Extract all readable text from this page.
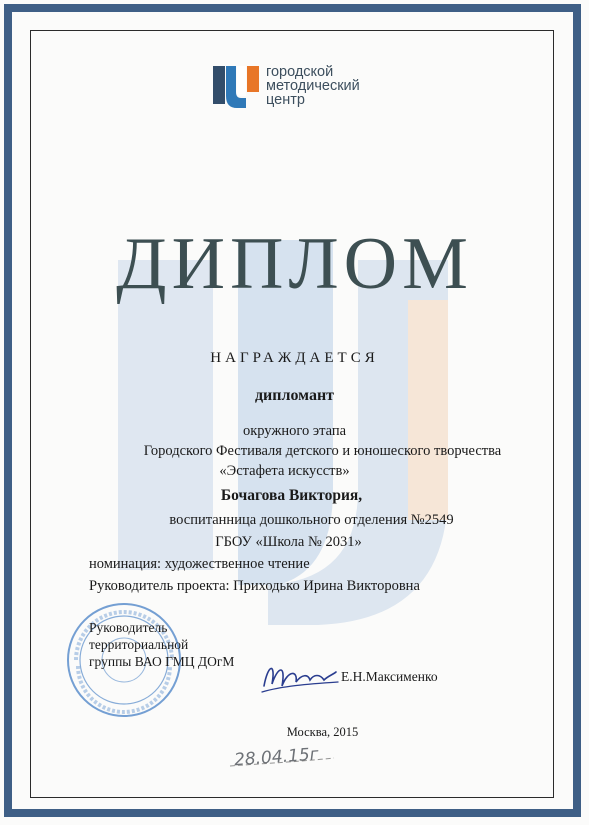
городской
методический
центр
ДИПЛОМ
НАГРАЖДАЕТСЯ
дипломант
окружного этапа
Городского Фестиваля детского и юношеского творчества
«Эстафета искусств»
Бочагова Виктория,
воспитанница дошкольного отделения №2549
ГБОУ «Школа № 2031»
номинация: художественное чтение
Руководитель проекта: Приходько Ирина Викторовна
Руководитель
территориальной
группы ВАО ГМЦ ДОгМ
Е.Н.Максименко
Москва, 2015
28.04.15г
